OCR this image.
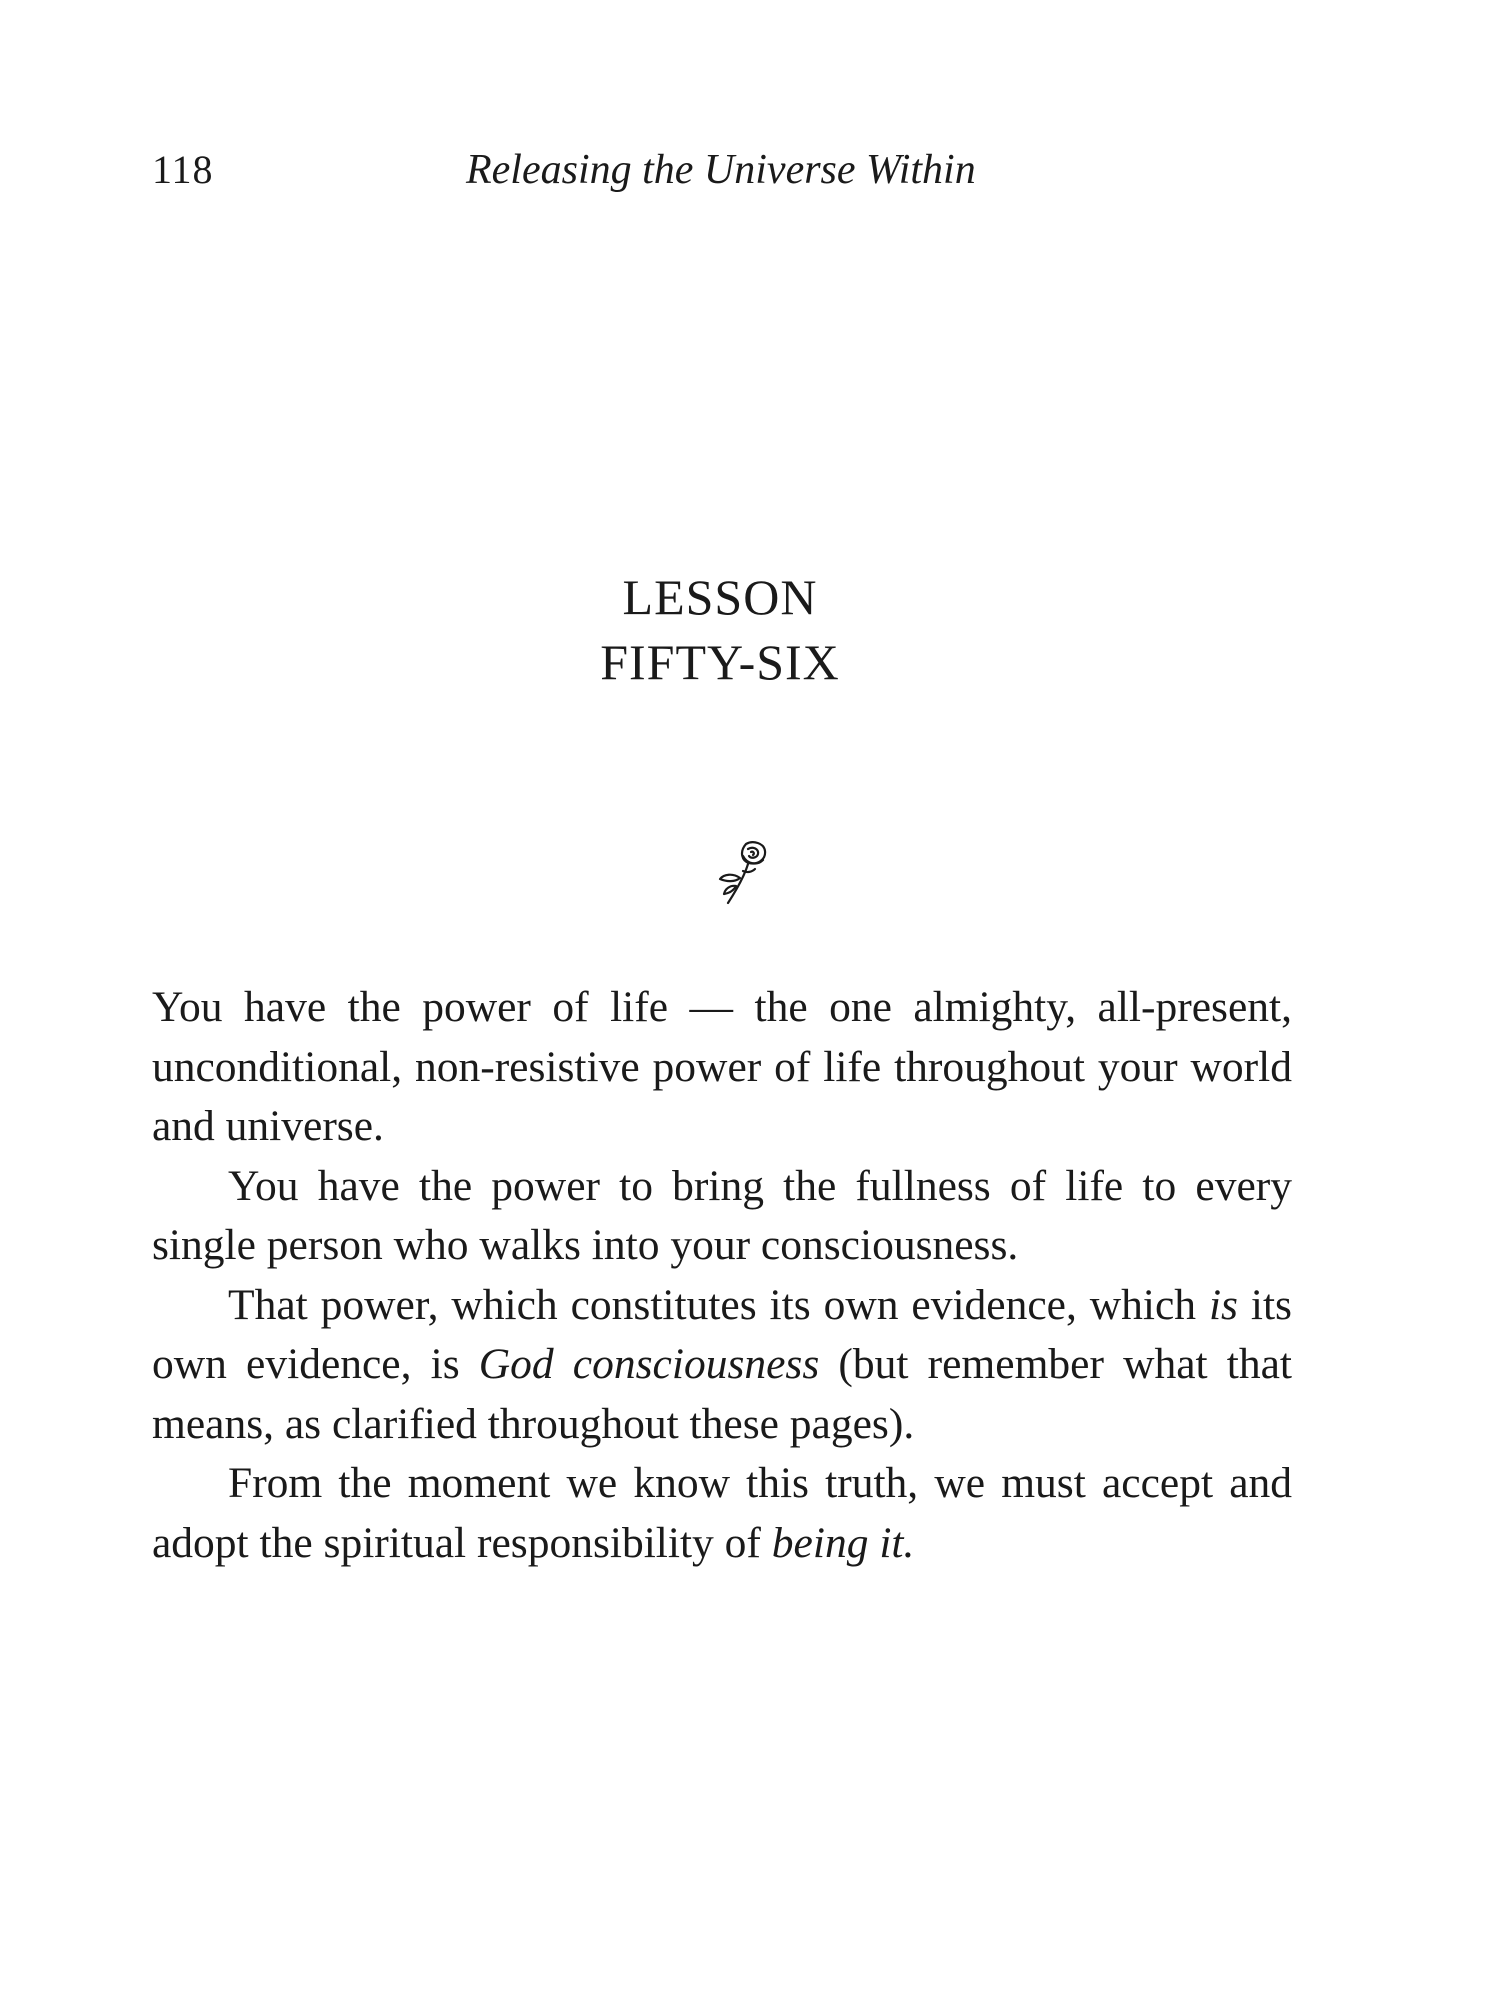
118	Releasing the Universe Within
LESSON
FIFTY-SIX

You have the power of life — the one almighty, all-present, unconditional, non-resistive power of life throughout your world and universe.

You have the power to bring the fullness of life to every single person who walks into your consciousness.

That power, which constitutes its own evidence, which is its own evidence, is God consciousness (but remember what that means, as clarified throughout these pages).

From the moment we know this truth, we must accept and adopt the spiritual responsibility of being it.
